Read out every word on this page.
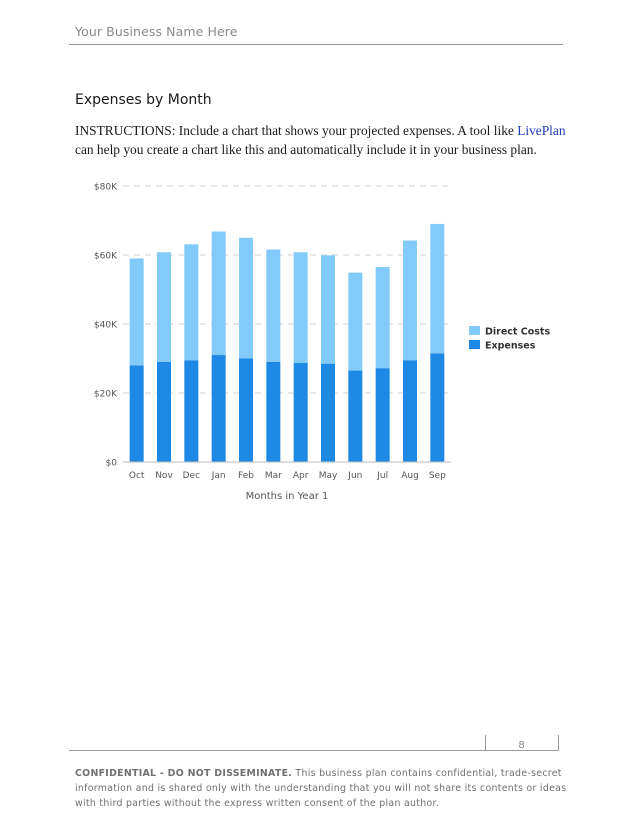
Your Business Name Here
Expenses by Month
INSTRUCTIONS: Include a chart that shows your projected expenses. A tool like LivePlan can help you create a chart like this and automatically include it in your business plan.
$0
$20K
$40K
$60K
$80K
Oct Nov Dec Jan Feb Mar Apr May Jun Jul Aug Sep
Months in Year 1
Direct Costs
Expenses
8
CONFIDENTIAL - DO NOT DISSEMINATE. This business plan contains confidential, trade-secret information and is shared only with the understanding that you will not share its contents or ideas with third parties without the express written consent of the plan author.
